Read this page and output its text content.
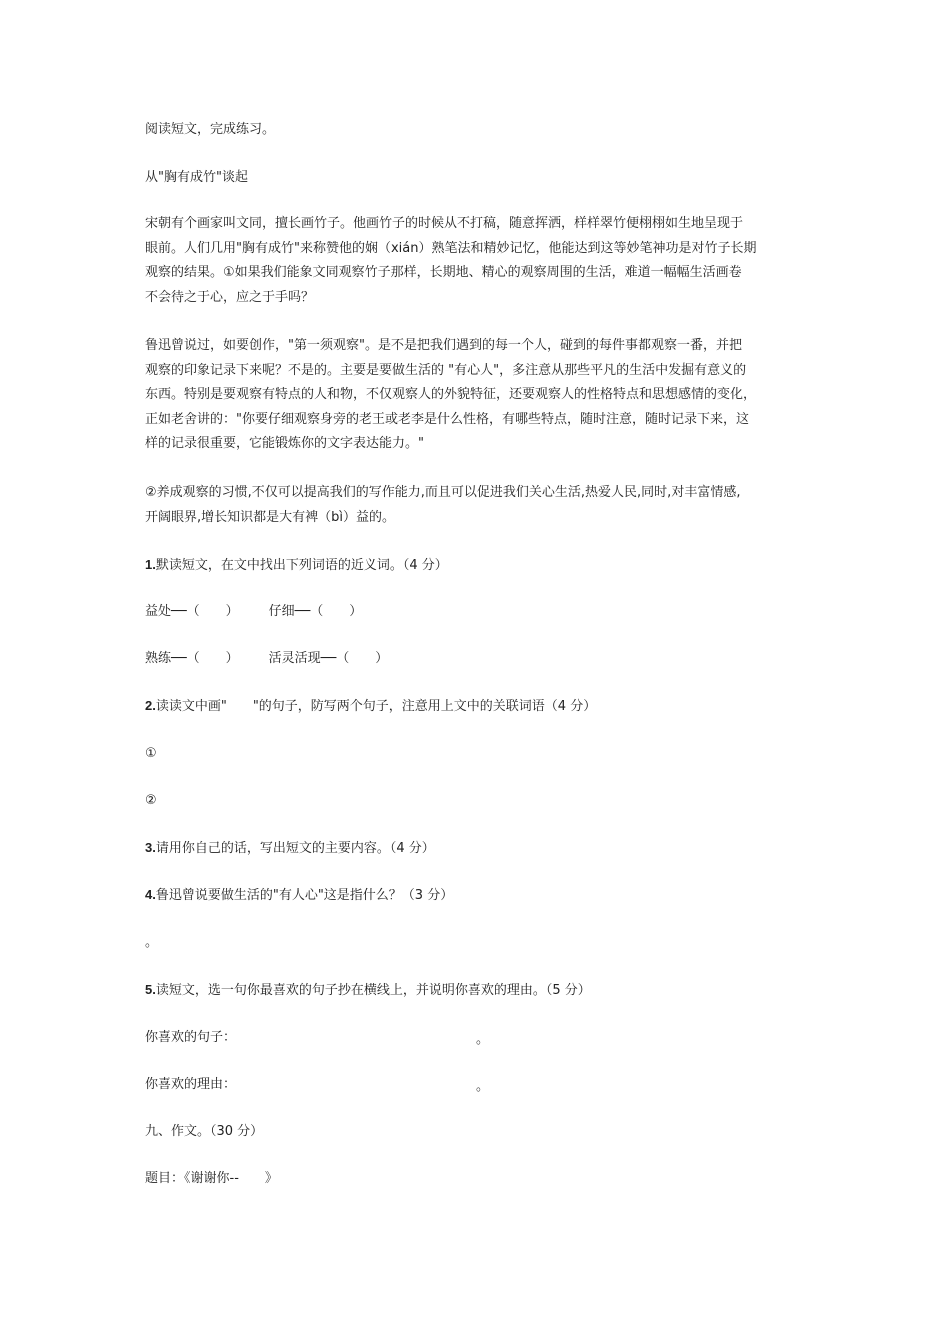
阅读短文，完成练习。
从"胸有成竹"谈起

宋朝有个画家叫文同，擅长画竹子。他画竹子的时候从不打稿，随意挥洒，样样翠竹便栩栩如生地呈现于

眼前。人们几用"胸有成竹"来称赞他的娴（xián）熟笔法和精妙记忆，他能达到这等妙笔神功是对竹子长期

观察的结果。①如果我们能象文同观察竹子那样，长期地、精心的观察周围的生活，难道一幅幅生活画卷

不会待之于心，应之于手吗？

鲁迅曾说过，如要创作，"第一须观察"。是不是把我们遇到的每一个人，碰到的每件事都观察一番，并把

观察的印象记录下来呢？不是的。主要是要做生活的 "有心人"，多注意从那些平凡的生活中发掘有意义的

东西。特别是要观察有特点的人和物，不仅观察人的外貌特征，还要观察人的性格特点和思想感情的变化，

正如老舍讲的："你要仔细观察身旁的老王或老李是什么性格，有哪些特点，随时注意，随时记录下来，这

样的记录很重要，它能锻炼你的文字表达能力。"

②养成观察的习惯,不仅可以提高我们的写作能力,而且可以促进我们关心生活,热爱人民,同时,对丰富情感,

开阔眼界,增长知识都是大有裨（bì）益的。

1.默读短文，在文中找出下列词语的近义词。（4 分）
益处──（　　） 仔细──（　　）
熟练──（　　） 活灵活现──（　　）
2.读读文中画"　　"的句子，防写两个句子，注意用上文中的关联词语（4 分）
①
②
3.请用你自己的话，写出短文的主要内容。（4 分）
4.鲁迅曾说要做生活的"有人心"这是指什么？（3 分）
。
5.读短文，选一句你最喜欢的句子抄在横线上，并说明你喜欢的理由。（5 分）
你喜欢的句子：	。
你喜欢的理由：	。
九、作文。（30 分）
题目：《谢谢你--　　》
